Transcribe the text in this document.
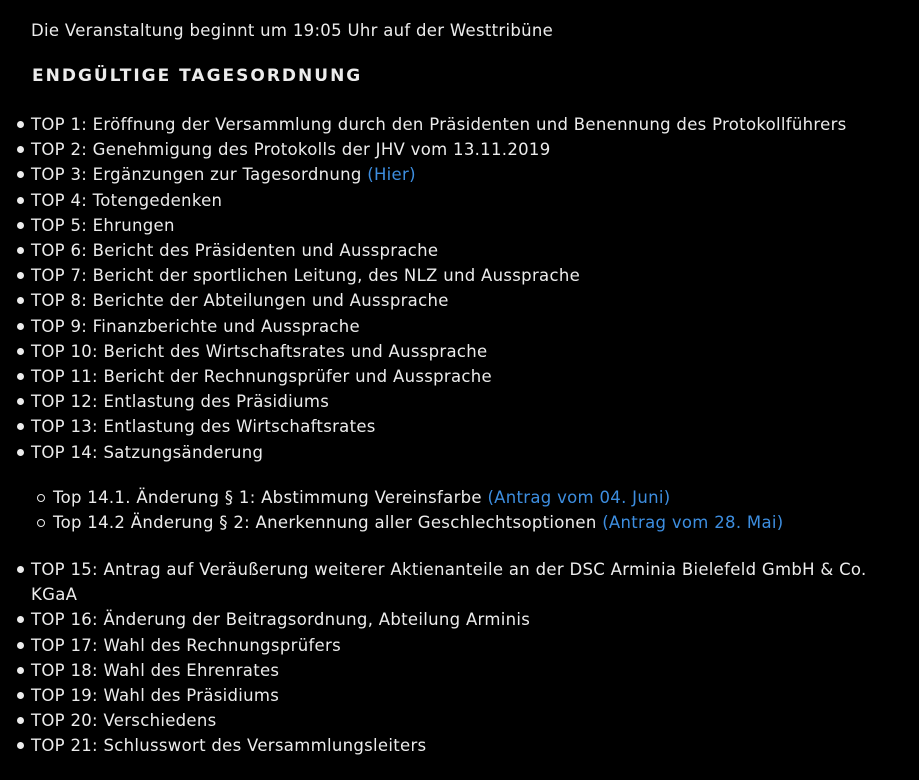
Die Veranstaltung beginnt um 19:05 Uhr auf der Westtribüne

ENDGÜLTIGE TAGESORDNUNG
TOP 1: Eröffnung der Versammlung durch den Präsidenten und Benennung des Protokollführers
TOP 2: Genehmigung des Protokolls der JHV vom 13.11.2019
TOP 3: Ergänzungen zur Tagesordnung (Hier)
TOP 4: Totengedenken
TOP 5: Ehrungen
TOP 6: Bericht des Präsidenten und Aussprache
TOP 7: Bericht der sportlichen Leitung, des NLZ und Aussprache
TOP 8: Berichte der Abteilungen und Aussprache
TOP 9: Finanzberichte und Aussprache
TOP 10: Bericht des Wirtschaftsrates und Aussprache
TOP 11: Bericht der Rechnungsprüfer und Aussprache
TOP 12: Entlastung des Präsidiums
TOP 13: Entlastung des Wirtschaftsrates
TOP 14: Satzungsänderung
Top 14.1. Änderung § 1: Abstimmung Vereinsfarbe (Antrag vom 04. Juni)
Top 14.2 Änderung § 2: Anerkennung aller Geschlechtsoptionen (Antrag vom 28. Mai)
TOP 15: Antrag auf Veräußerung weiterer Aktienanteile an der DSC Arminia Bielefeld GmbH & Co. KGaA
TOP 16: Änderung der Beitragsordnung, Abteilung Arminis
TOP 17: Wahl des Rechnungsprüfers
TOP 18: Wahl des Ehrenrates
TOP 19: Wahl des Präsidiums
TOP 20: Verschiedens
TOP 21: Schlusswort des Versammlungsleiters
